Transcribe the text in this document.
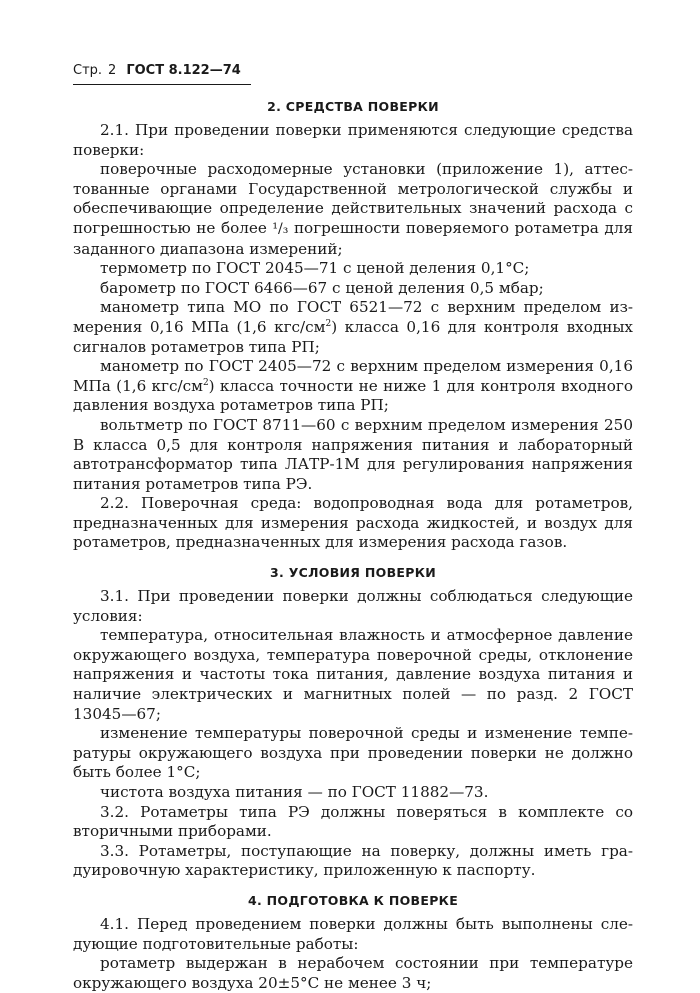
Стр. 2 ГОСТ 8.122—74
2. СРЕДСТВА ПОВЕРКИ

2.1. При проведении поверки применяются следующие средства поверки:

поверочные расходомерные установки (приложение 1), аттестованные органами Государственной метрологической службы и обеспечивающие определение действительных значений расхода с погрешностью не более ¹/₃ погрешности поверяемого ротаметра для заданного диапазона измерений;

термометр по ГОСТ 2045—71 с ценой деления 0,1°С;

барометр по ГОСТ 6466—67 с ценой деления 0,5 мбар;

манометр типа МО по ГОСТ 6521—72 с верхним пределом измерения 0,16 МПа (1,6 кгс/$см^2$) класса 0,16 для контроля входных сигналов ротаметров типа РП;

манометр по ГОСТ 2405—72 с верхним пределом измерения 0,16 МПа (1,6 кгс/$см^2$) класса точности не ниже 1 для контроля входного давления воздуха ротаметров типа РП;

вольтметр по ГОСТ 8711—60 с верхним пределом измерения 250 В класса 0,5 для контроля напряжения питания и лабораторный автотрансформатор типа ЛАТР-1М для регулирования напряжения питания ротаметров типа РЭ.

2.2. Поверочная среда: водопроводная вода для ротаметров, предназначенных для измерения расхода жидкостей, и воздух для ротаметров, предназначенных для измерения расхода газов.

3. УСЛОВИЯ ПОВЕРКИ

3.1. При проведении поверки должны соблюдаться следующие условия:

температура, относительная влажность и атмосферное давление окружающего воздуха, температура поверочной среды, отклонение напряжения и частоты тока питания, давление воздуха питания и наличие электрических и магнитных полей — по разд. 2 ГОСТ 13045—67;

изменение температуры поверочной среды и изменение температуры окружающего воздуха при проведении поверки не должно быть более 1°С;

чистота воздуха питания — по ГОСТ 11882—73.

3.2. Ротаметры типа РЭ должны поверяться в комплекте со вторичными приборами.

3.3. Ротаметры, поступающие на поверку, должны иметь градуировочную характеристику, приложенную к паспорту.

4. ПОДГОТОВКА К ПОВЕРКЕ

4.1. Перед проведением поверки должны быть выполнены следующие подготовительные работы:

ротаметр выдержан в нерабочем состоянии при температуре окружающего воздуха 20±5°С не менее 3 ч;
